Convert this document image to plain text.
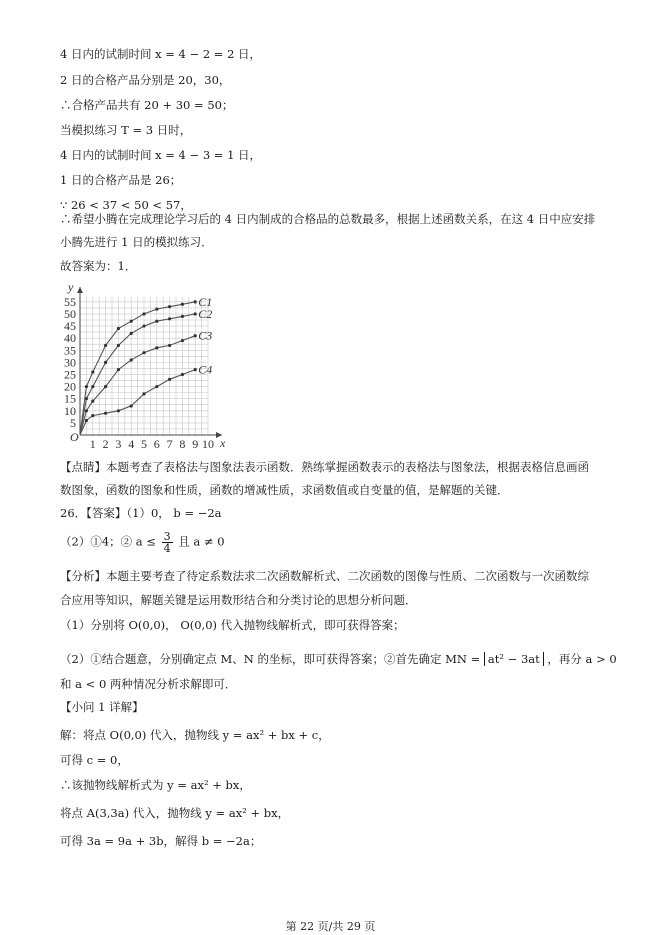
4 日内的试制时间 x = 4 − 2 = 2 日，
2 日的合格产品分别是 20，30，
∴合格产品共有 20 + 30 = 50；
当模拟练习 T = 3 日时，
4 日内的试制时间 x = 4 − 3 = 1 日，
1 日的合格产品是 26；
∵ 26 < 37 < 50 < 57，
∴希望小腾在完成理论学习后的 4 日内制成的合格品的总数最多，根据上述函数关系，在这 4 日中应安排
小腾先进行 1 日的模拟练习．
故答案为：1．
1 2 3 4 5 6 7 8 9 10
5
10
15
20
25
30
35
40
45
50
55
O	x
y
C1
C2
C3
C4
【点睛】本题考查了表格法与图象法表示函数．熟练掌握函数表示的表格法与图象法，根据表格信息画函
数图象，函数的图象和性质，函数的增减性质，求函数值或自变量的值，是解题的关键．
26．【答案】（1）0， b = −2a
（2）①4；② $a \le \frac{3}{4}$ 且 a ≠ 0
【分析】本题主要考查了待定系数法求二次函数解析式、二次函数的图像与性质、二次函数与一次函数综
合应用等知识，解题关键是运用数形结合和分类讨论的思想分析问题．
（1）分别将 O(0,0)， O(0,0) 代入抛物线解析式，即可获得答案；
（2）①结合题意，分别确定点 M、N 的坐标，即可获得答案；②首先确定 MN = at² − 3at ，再分 a > 0
和 a < 0 两种情况分析求解即可．
【小问 1 详解】
解：将点 O(0,0) 代入，抛物线 y = ax² + bx + c，
可得 c = 0，
∴该抛物线解析式为 y = ax² + bx，
将点 A(3,3a) 代入，抛物线 y = ax² + bx，
可得 3a = 9a + 3b，解得 b = −2a；
第 22 页/共 29 页
